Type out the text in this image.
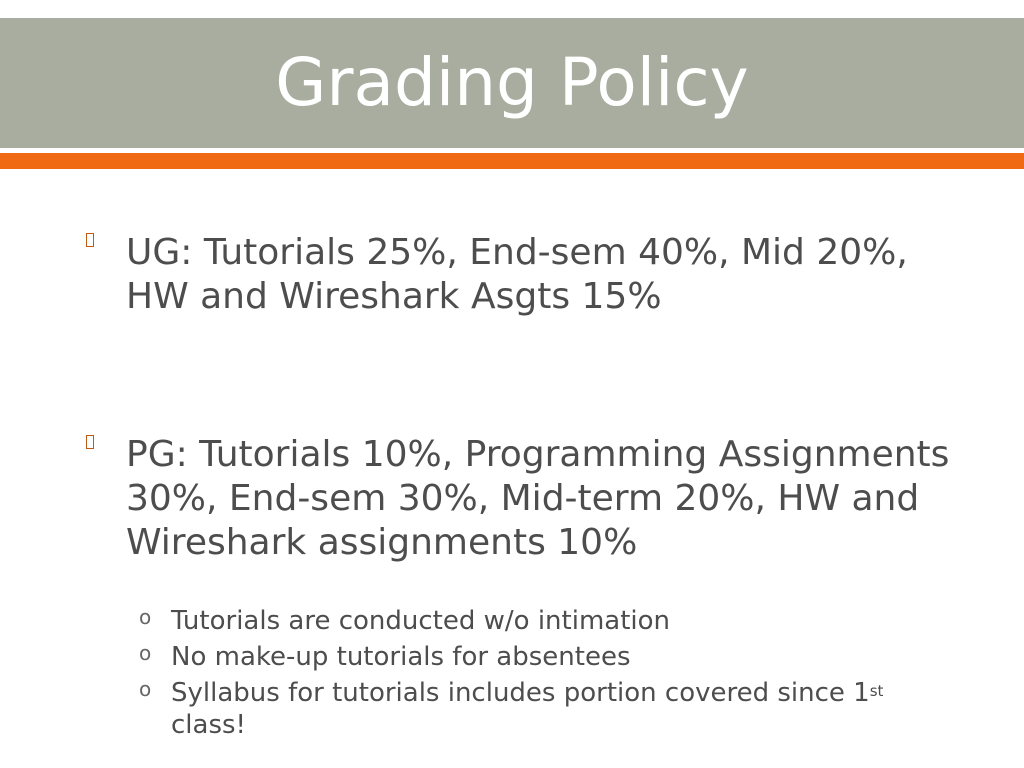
Grading Policy
UG: Tutorials 25%, End-sem 40%, Mid 20%, HW and Wireshark Asgts 15%
PG: Tutorials 10%, Programming Assignments 30%, End-sem 30%, Mid-term 20%, HW and Wireshark assignments 10%
o Tutorials are conducted w/o intimation
o No make-up tutorials for absentees
o Syllabus for tutorials includes portion covered since 1st class!
